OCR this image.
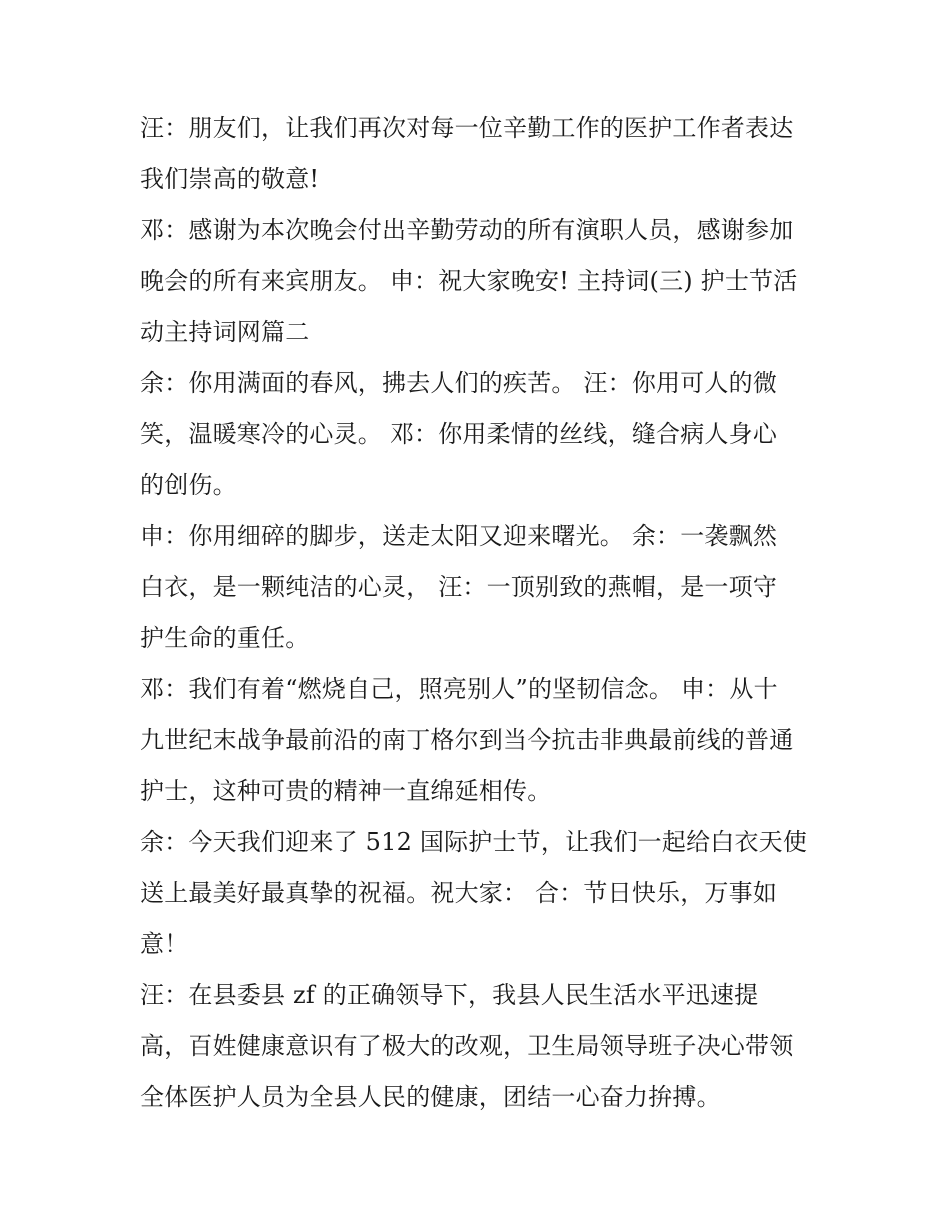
汪：朋友们，让我们再次对每一位辛勤工作的医护工作者表达
我们崇高的敬意!
邓：感谢为本次晚会付出辛勤劳动的所有演职人员，感谢参加
晚会的所有来宾朋友。 申：祝大家晚安! 主持词(三) 护士节活
动主持词网篇二
余：你用满面的春风，拂去人们的疾苦。 汪：你用可人的微
笑，温暖寒冷的心灵。 邓：你用柔情的丝线，缝合病人身心
的创伤。
申：你用细碎的脚步，送走太阳又迎来曙光。 余：一袭飘然
白衣，是一颗纯洁的心灵， 汪：一顶别致的燕帽，是一项守
护生命的重任。
邓：我们有着“燃烧自己，照亮别人”的坚韧信念。 申：从十
九世纪末战争最前沿的南丁格尔到当今抗击非典最前线的普通
护士，这种可贵的精神一直绵延相传。
余：今天我们迎来了 512 国际护士节，让我们一起给白衣天使
送上最美好最真挚的祝福。祝大家： 合：节日快乐，万事如
意！
汪：在县委县 zf 的正确领导下，我县人民生活水平迅速提
高，百姓健康意识有了极大的改观，卫生局领导班子决心带领
全体医护人员为全县人民的健康，团结一心奋力拚搏。
